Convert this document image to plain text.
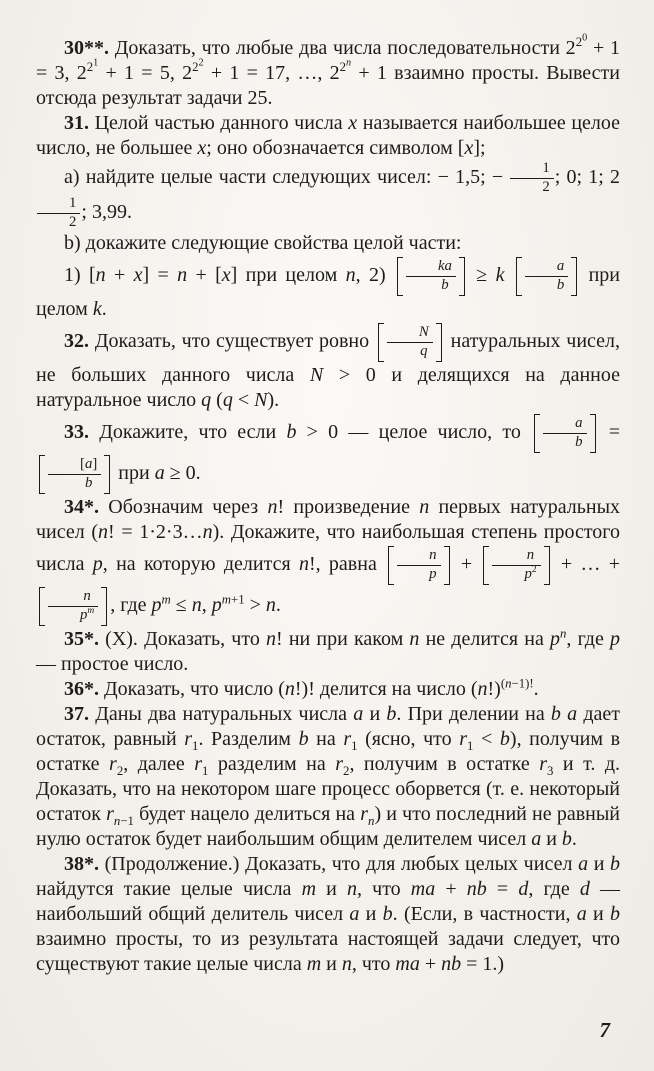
30**. Доказать, что любые два числа последовательности $2^{2^0} + 1 = 3$, $2^{2^1} + 1 = 5$, $2^{2^2} + 1 = 17$, …, $2^{2^n} + 1$ взаимно просты. Вывести отсюда результат задачи 25.

31. Целой частью данного числа x называется наибольшее целое число, не большее x; оно обозначается символом [x];

а) найдите целые части следующих чисел: − 1,5; − $\frac{1}{2}$ ; 0; 1; 2
$\frac{1}{2}$ ; 3,99.

b) докажите следующие свойства целой части:

1) [n + x] = n + [x] при целом n, $2) \frac{ka}{b} \ge k \frac{a}{b}$ при целом k.

32. Доказать, что существует ровно $\frac{N}{q}$ натуральных чисел, не больших данного числа N > 0 и делящихся на данное натуральное число q (q < N).

33. Докажите, что если b > 0 — целое число, то $\frac{a}{b}$ =
$\frac{[a]}{b}$ при a ≥ 0.

34*. Обозначим через n! произведение n первых натуральных чисел (n! = 1·2·3…n). Докажите, что наибольшая степень простого числа p, на которую делится n!, равна $\frac{n}{p} + \frac{n}{p^2}$ + … +
$\frac{n}{p^m}$ , где $p^m \le n$, $p^{m+1} > n$.

35*. (Х). Доказать, что n! ни при каком n не делится на $p^n$, где p — простое число.

36*. Доказать, что число (n!)! делится на число $(n!)^{(n-1)!}$.

37. Даны два натуральных числа a и b. При делении на b a дает остаток, равный $r_1$. Разделим b на $r_1$ (ясно, что $r_1 < b$), получим в остатке $r_2$, далее $r_1$ разделим на $r_2$, получим в остатке $r_3$ и т. д. Доказать, что на некотором шаге процесс оборвется (т. е. некоторый остаток $r_{n-1}$ будет нацело делиться на $r_n$) и что последний не равный нулю остаток будет наибольшим общим делителем чисел a и b.

38*. (Продолжение.) Доказать, что для любых целых чисел a и b найдутся такие целые числа m и n, что ma + nb = d, где d — наибольший общий делитель чисел a и b. (Если, в частности, a и b взаимно просты, то из результата настоящей задачи следует, что существуют такие целые числа m и n, что ma + nb = 1.)

7
